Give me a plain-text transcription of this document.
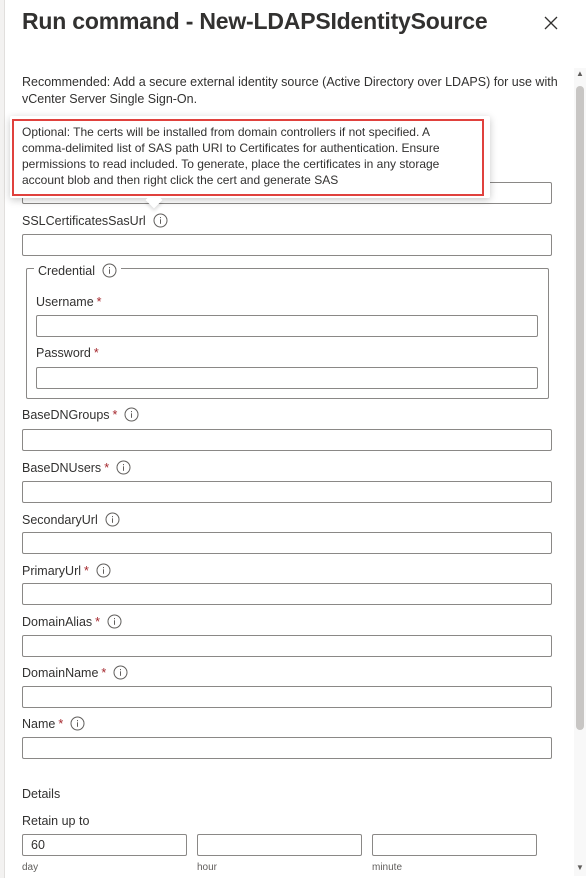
Run command - New-LDAPSIdentitySource
Recommended: Add a secure external identity source (Active Directory over LDAPS) for use with vCenter Server Single Sign-On.
SSLCertificatesSasUrl
Credential
Username *
Password *
BaseDNGroups *
BaseDNUsers *
SecondaryUrl
PrimaryUrl *
DomainAlias *
DomainName *
Name *
Details
Retain up to
60
day	hour	minute
▲
▼
Optional: The certs will be installed from domain controllers if not specified. A comma-delimited list of SAS path URI to Certificates for authentication. Ensure permissions to read included. To generate, place the certificates in any storage account blob and then right click the cert and generate SAS
